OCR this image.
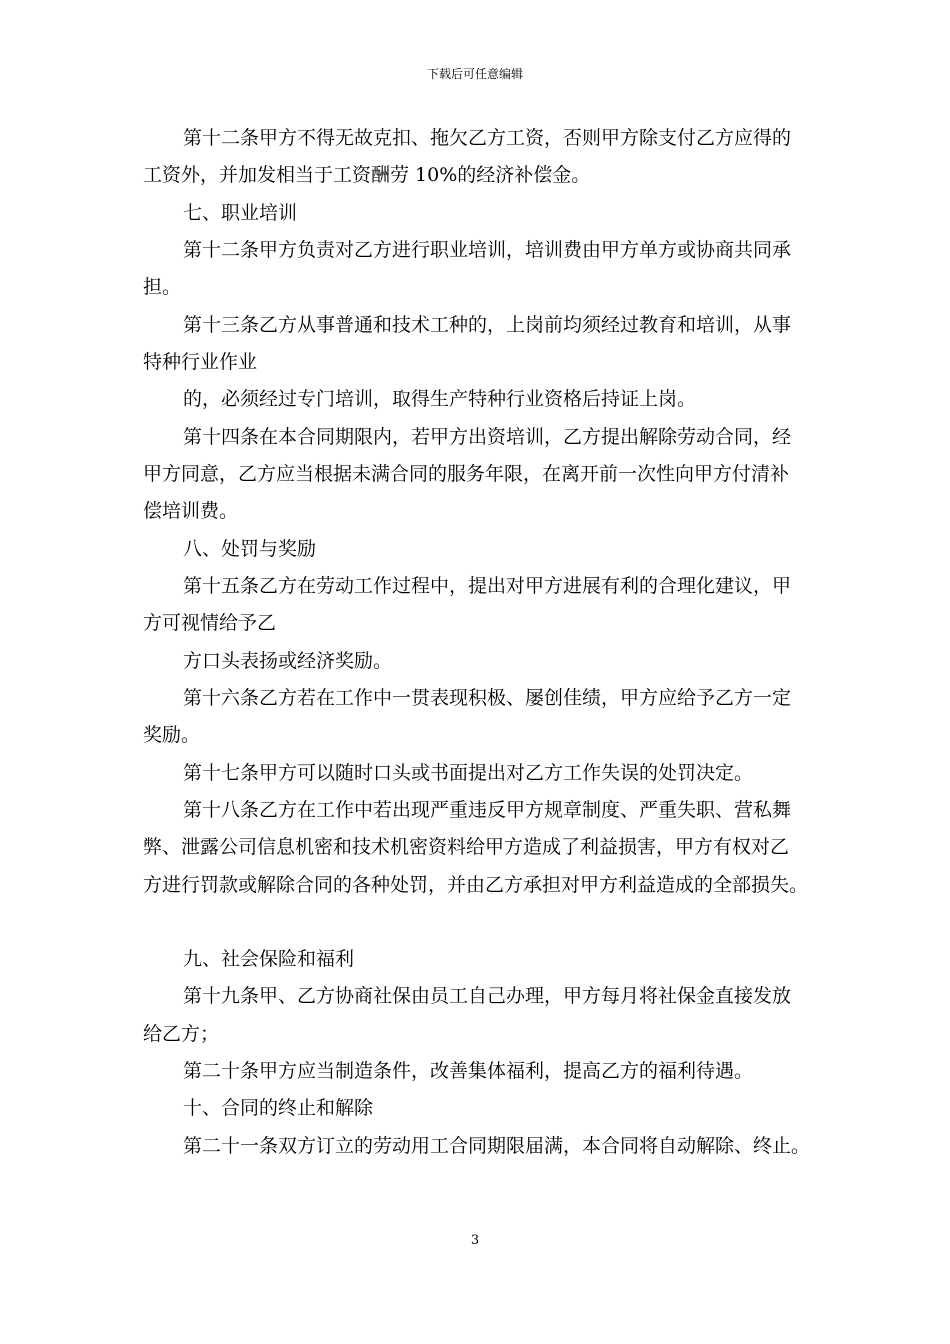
下载后可任意编辑
第十二条甲方不得无故克扣、拖欠乙方工资，否则甲方除支付乙方应得的
工资外，并加发相当于工资酬劳 10%的经济补偿金。
七、职业培训
第十二条甲方负责对乙方进行职业培训，培训费由甲方单方或协商共同承
担。
第十三条乙方从事普通和技术工种的，上岗前均须经过教育和培训，从事
特种行业作业
的，必须经过专门培训，取得生产特种行业资格后持证上岗。
第十四条在本合同期限内，若甲方出资培训，乙方提出解除劳动合同，经
甲方同意，乙方应当根据未满合同的服务年限，在离开前一次性向甲方付清补
偿培训费。
八、处罚与奖励
第十五条乙方在劳动工作过程中，提出对甲方进展有利的合理化建议，甲
方可视情给予乙
方口头表扬或经济奖励。
第十六条乙方若在工作中一贯表现积极、屡创佳绩，甲方应给予乙方一定
奖励。
第十七条甲方可以随时口头或书面提出对乙方工作失误的处罚决定。
第十八条乙方在工作中若出现严重违反甲方规章制度、严重失职、营私舞
弊、泄露公司信息机密和技术机密资料给甲方造成了利益损害，甲方有权对乙
方进行罚款或解除合同的各种处罚，并由乙方承担对甲方利益造成的全部损失。
九、社会保险和福利
第十九条甲、乙方协商社保由员工自己办理，甲方每月将社保金直接发放
给乙方；
第二十条甲方应当制造条件，改善集体福利，提高乙方的福利待遇。
十、合同的终止和解除
第二十一条双方订立的劳动用工合同期限届满，本合同将自动解除、终止。
3
